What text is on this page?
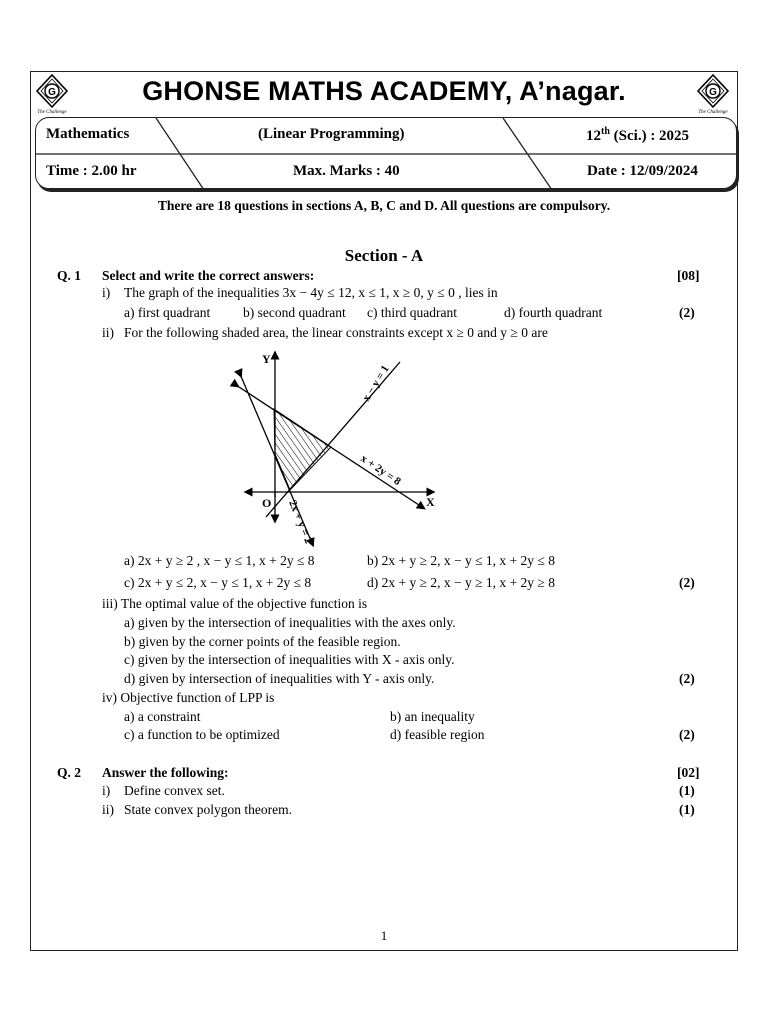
G
The Challenge
G
The Challenge
GHONSE MATHS ACADEMY, A’nagar.
Mathematics	(Linear Programming)	12th (Sci.) : 2025
Time : 2.00 hr	Max. Marks : 40	Date : 12/09/2024
There are 18 questions in sections A, B, C and D. All questions are compulsory.
Section - A
Q. 1 Select and write the correct answers:	[08]
i) The graph of the inequalities 3x − 4y ≤ 12, x ≤ 1, x ≥ 0, y ≤ 0 , lies in
a) first quadrant b) second quadrant c) third quadrant	d) fourth quadrant	(2)
ii) For the following shaded area, the linear constraints except x ≥ 0 and y ≥ 0 are
Y
X
O
x − y = 1
x + 2y = 8
2x + y = 2
a) 2x + y ≥ 2 , x − y ≤ 1, x + 2y ≤ 8	b) 2x + y ≥ 2, x − y ≤ 1, x + 2y ≤ 8
c) 2x + y ≤ 2, x − y ≤ 1, x + 2y ≤ 8	d) 2x + y ≥ 2, x − y ≥ 1, x + 2y ≥ 8	(2)
iii) The optimal value of the objective function is
a) given by the intersection of inequalities with the axes only.
b) given by the corner points of the feasible region.
c) given by the intersection of inequalities with X - axis only.
d) given by intersection of inequalities with Y - axis only.	(2)
iv) Objective function of LPP is
a) a constraint	b) an inequality
c) a function to be optimized	d) feasible region	(2)
Q. 2 Answer the following:	[02]
i) Define convex set.	(1)
ii) State convex polygon theorem.	(1)
1
